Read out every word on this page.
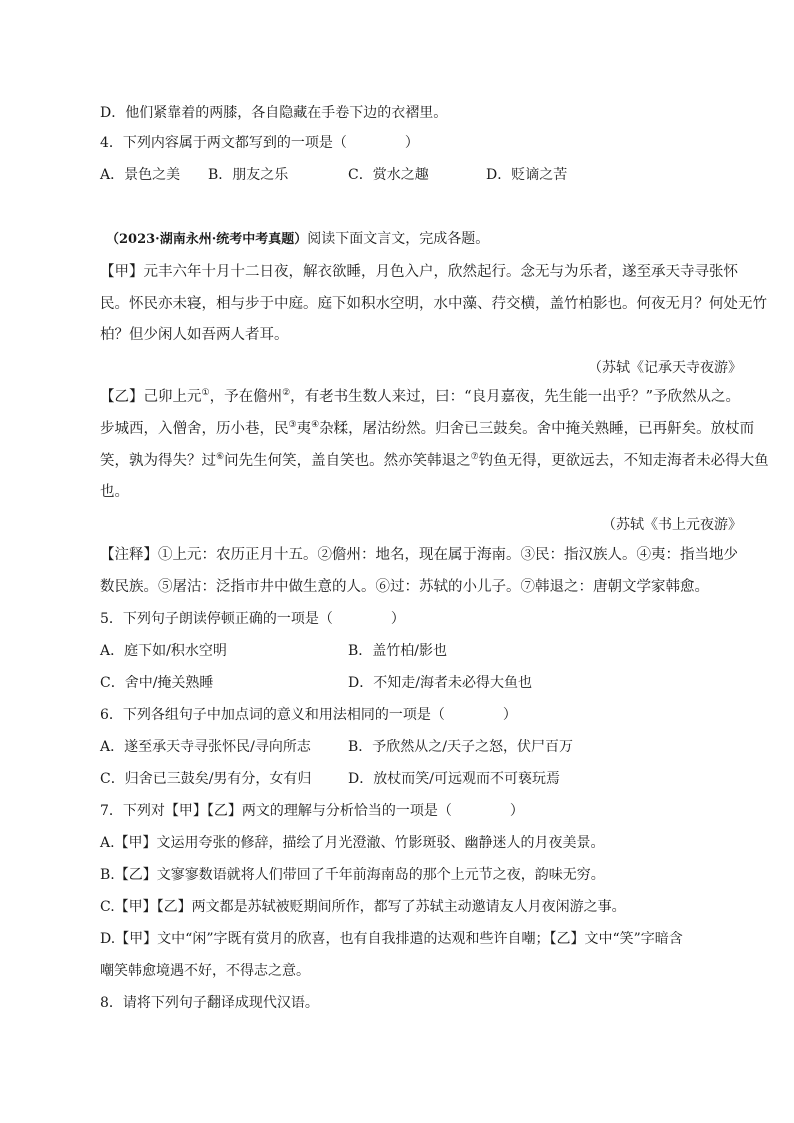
D．他们紧靠着的两膝，各自隐藏在手卷下边的衣褶里。
4．下列内容属于两文都写到的一项是（	）
A．景色之美 B．朋友之乐	C．赏水之趣	D．贬谪之苦
（2023·湖南永州·统考中考真题）阅读下面文言文，完成各题。
【甲】元丰六年十月十二日夜，解衣欲睡，月色入户，欣然起行。念无与为乐者，遂至承天寺寻张怀
民。怀民亦未寝，相与步于中庭。庭下如积水空明，水中藻、荇交横，盖竹柏影也。何夜无月？何处无竹
柏？但少闲人如吾两人者耳。
（苏轼《记承天寺夜游》
【乙】己卯上元①，予在儋州②，有老书生数人来过，曰：“良月嘉夜，先生能一出乎？”予欣然从之。
步城西，入僧舍，历小巷，民③夷④杂糅，屠沽纷然。归舍已三鼓矣。舍中掩关熟睡，已再鼾矣。放杖而
笑，孰为得失？过⑥问先生何笑，盖自笑也。然亦笑韩退之⑦钓鱼无得，更欲远去，不知走海者未必得大鱼
也。
（苏轼《书上元夜游》
【注释】①上元：农历正月十五。②儋州：地名，现在属于海南。③民：指汉族人。④夷：指当地少
数民族。⑤屠沽：泛指市井中做生意的人。⑥过：苏轼的小儿子。⑦韩退之：唐朝文学家韩愈。
5．下列句子朗读停顿正确的一项是（	）
A．庭下如/积水空明	B．盖竹柏/影也
C．舍中/掩关熟睡	D．不知走/海者未必得大鱼也
6．下列各组句子中加点词的意义和用法相同的一项是（	）
A．遂至承天寺寻张怀民/寻向所志	B．予欣然从之/天子之怒，伏尸百万
C．归舍已三鼓矣/男有分，女有归	D．放杖而笑/可远观而不可亵玩焉
7．下列对【甲】【乙】两文的理解与分析恰当的一项是（	）
A.【甲】文运用夸张的修辞，描绘了月光澄澈、竹影斑驳、幽静迷人的月夜美景。
B.【乙】文寥寥数语就将人们带回了千年前海南岛的那个上元节之夜，韵味无穷。
C.【甲】【乙】两文都是苏轼被贬期间所作，都写了苏轼主动邀请友人月夜闲游之事。
D.【甲】文中“闲”字既有赏月的欣喜，也有自我排遣的达观和些许自嘲；【乙】文中“笑”字暗含
嘲笑韩愈境遇不好，不得志之意。
8．请将下列句子翻译成现代汉语。
